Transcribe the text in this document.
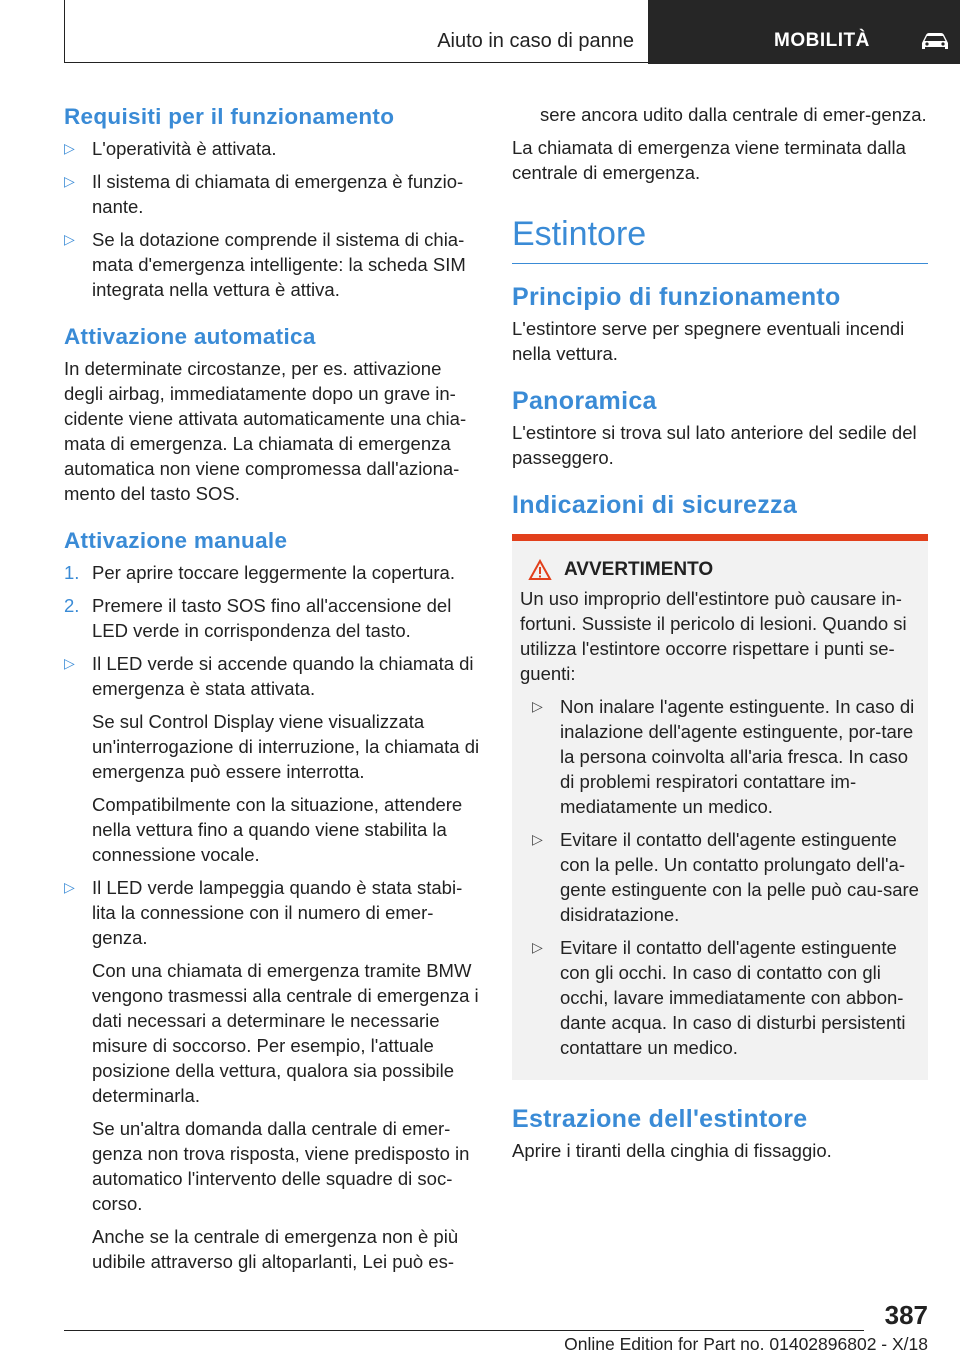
Aiuto in caso di panne	MOBILITÀ
Requisiti per il funzionamento
▷ L'operatività è attivata.
▷ Il sistema di chiamata di emergenza è funzio-nante.
▷ Se la dotazione comprende il sistema di chia-mata d'emergenza intelligente: la scheda SIM integrata nella vettura è attiva.
Attivazione automatica

In determinate circostanze, per es. attivazione degli airbag, immediatamente dopo un grave in-cidente viene attivata automaticamente una chia-mata di emergenza. La chiamata di emergenza automatica non viene compromessa dall'aziona-mento del tasto SOS.

Attivazione manuale
1. Per aprire toccare leggermente la copertura.
2. Premere il tasto SOS fino all'accensione del LED verde in corrispondenza del tasto.
▷ Il LED verde si accende quando la chiamata di emergenza è stata attivata.

Se sul Control Display viene visualizzata un'interrogazione di interruzione, la chiamata di emergenza può essere interrotta.

Compatibilmente con la situazione, attendere nella vettura fino a quando viene stabilita la connessione vocale.

▷ Il LED verde lampeggia quando è stata stabi-lita la connessione con il numero di emer-genza.

Con una chiamata di emergenza tramite BMW vengono trasmessi alla centrale di emergenza i dati necessari a determinare le necessarie misure di soccorso. Per esempio, l'attuale posizione della vettura, qualora sia possibile determinarla.

Se un'altra domanda dalla centrale di emer-genza non trova risposta, viene predisposto in automatico l'intervento delle squadre di soc-corso.

Anche se la centrale di emergenza non è più udibile attraverso gli altoparlanti, Lei può es-

sere ancora udito dalla centrale di emer-genza.

La chiamata di emergenza viene terminata dalla centrale di emergenza.

Estintore
Principio di funzionamento

L'estintore serve per spegnere eventuali incendi nella vettura.

Panoramica

L'estintore si trova sul lato anteriore del sedile del passeggero.

Indicazioni di sicurezza
AVVERTIMENTO

Un uso improprio dell'estintore può causare in-fortuni. Sussiste il pericolo di lesioni. Quando si utilizza l'estintore occorre rispettare i punti se-guenti:

▷ Non inalare l'agente estinguente. In caso di inalazione dell'agente estinguente, por-tare la persona coinvolta all'aria fresca. In caso di problemi respiratori contattare im-mediatamente un medico.
▷ Evitare il contatto dell'agente estinguente con la pelle. Un contatto prolungato dell'a-gente estinguente con la pelle può cau-sare disidratazione.
▷ Evitare il contatto dell'agente estinguente con gli occhi. In caso di contatto con gli occhi, lavare immediatamente con abbon-dante acqua. In caso di disturbi persistenti contattare un medico.
Estrazione dell'estintore

Aprire i tiranti della cinghia di fissaggio.

387
Online Edition for Part no. 01402896802 - X/18
